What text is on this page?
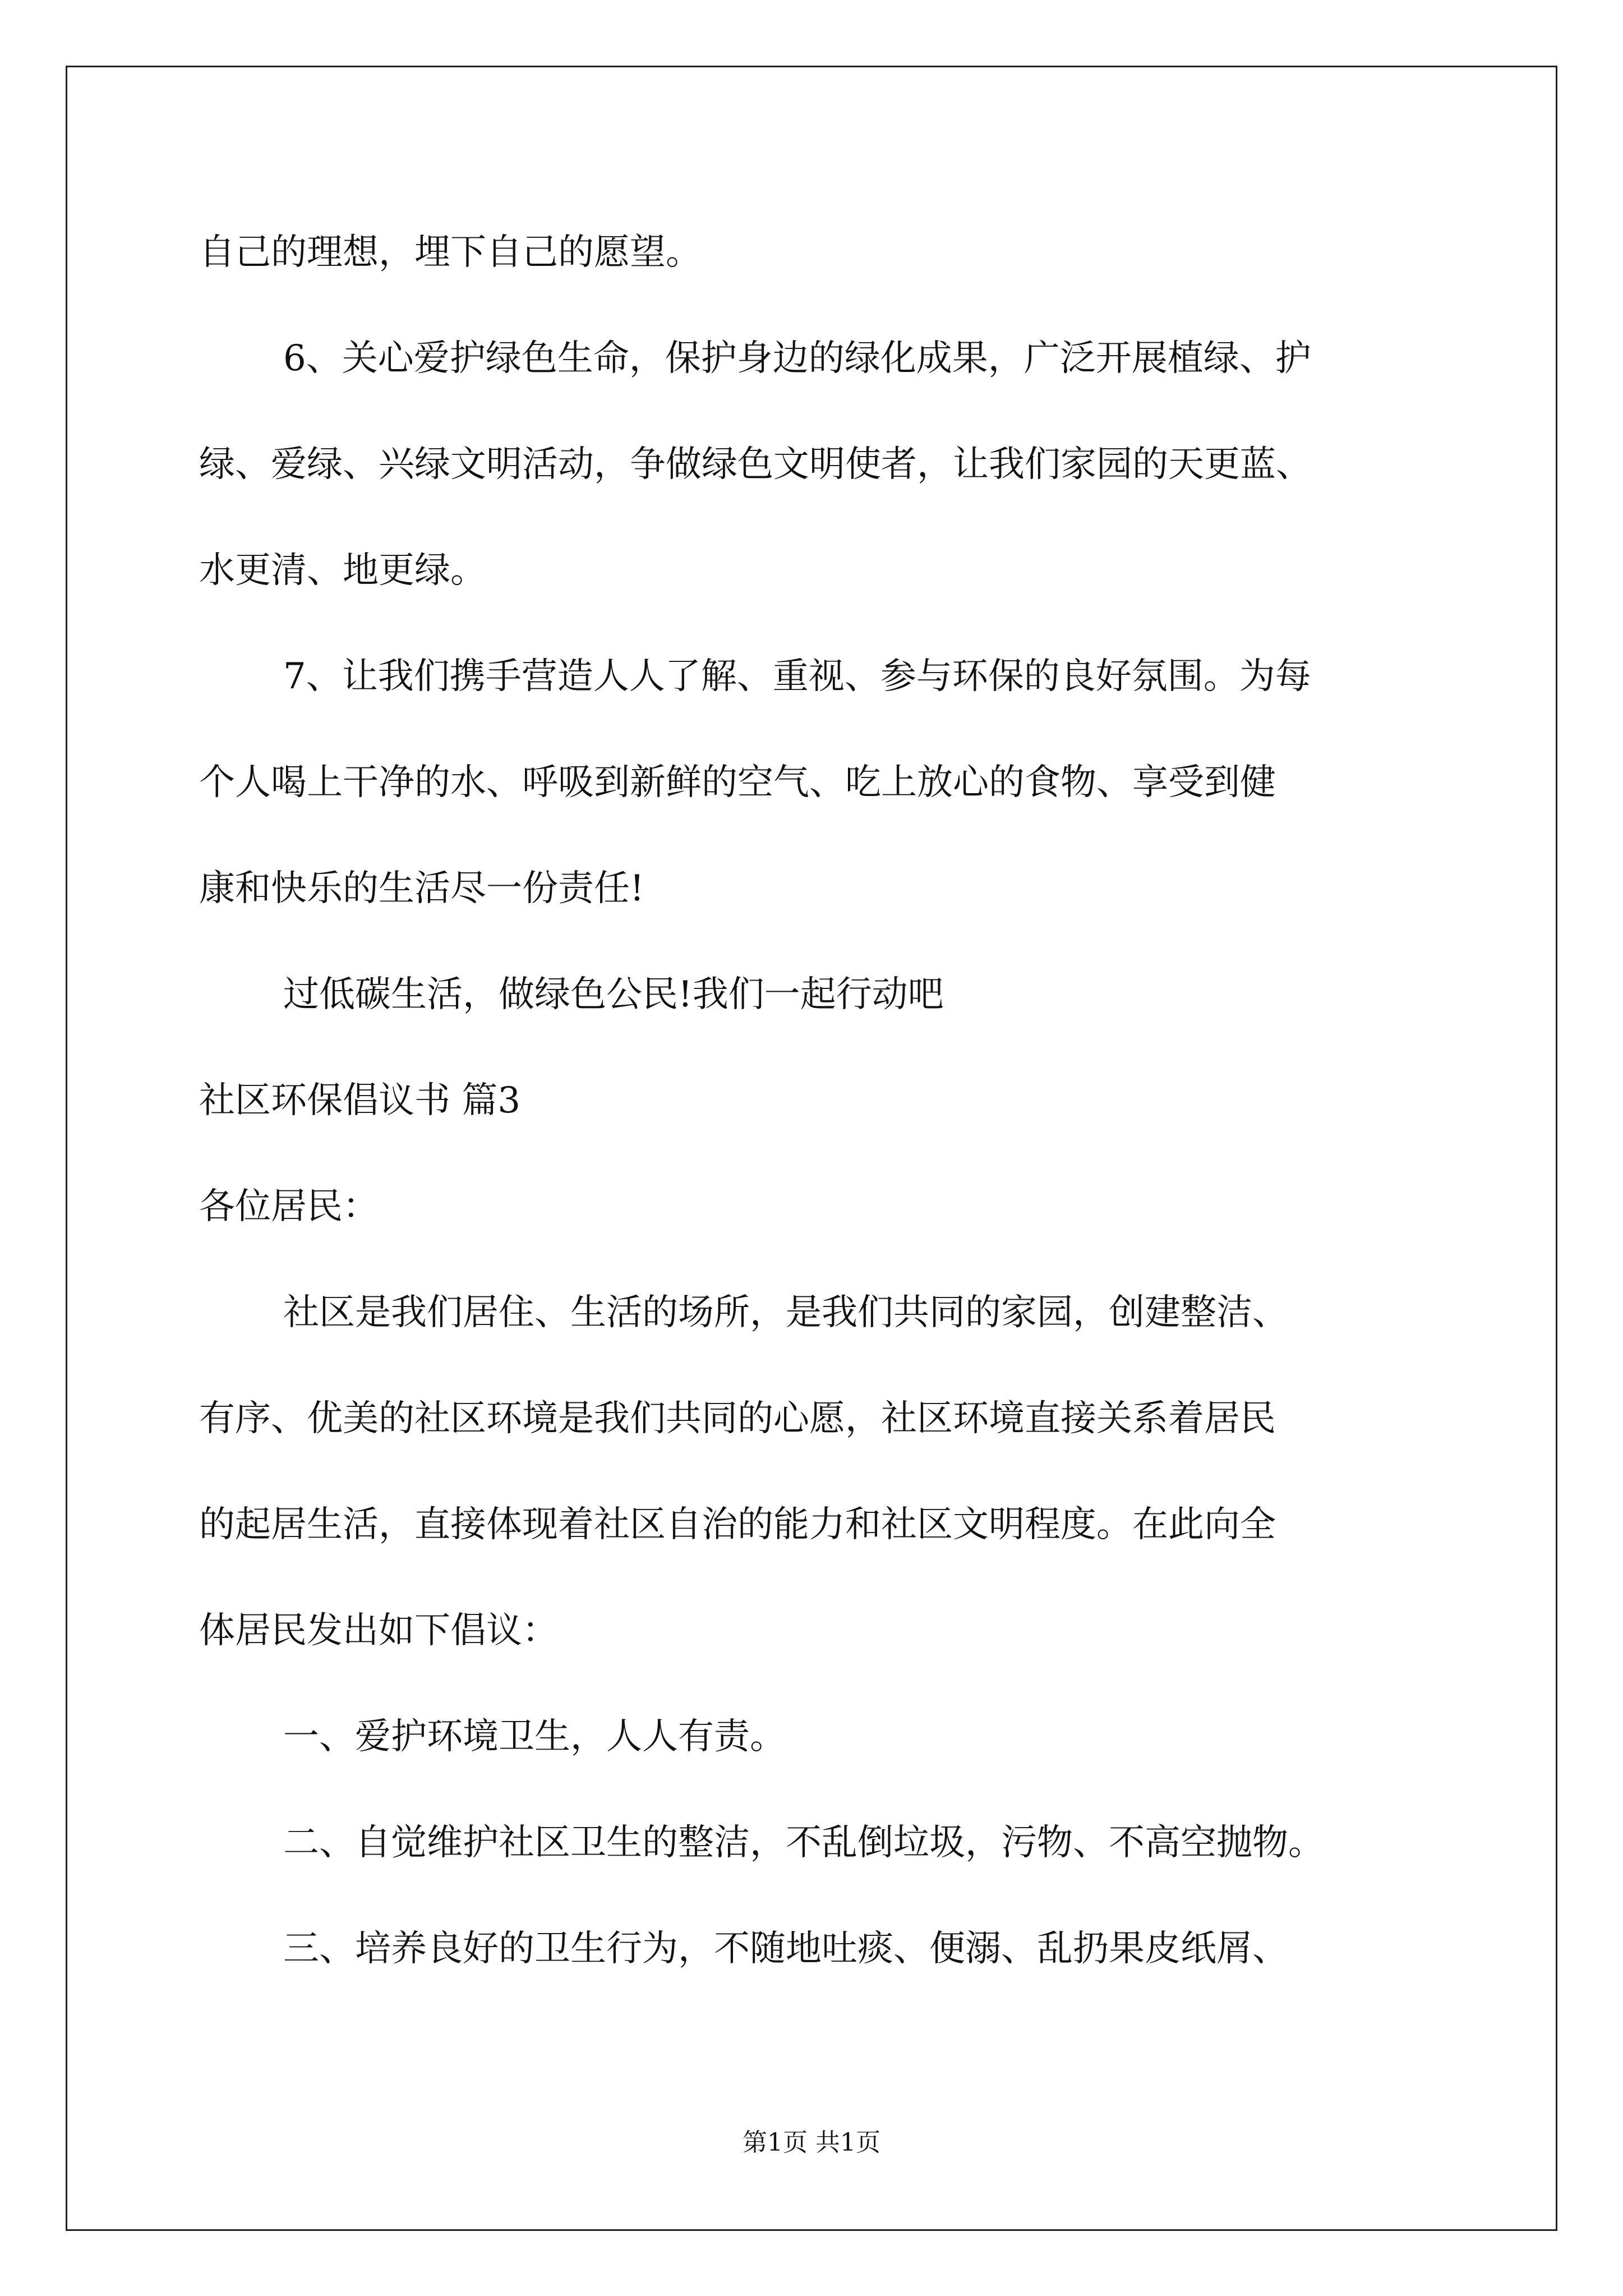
自己的理想，埋下自己的愿望。
6、关心爱护绿色生命，保护身边的绿化成果，广泛开展植绿、护
绿、爱绿、兴绿文明活动，争做绿色文明使者，让我们家园的天更蓝、
水更清、地更绿。
7、让我们携手营造人人了解、重视、参与环保的良好氛围。为每
个人喝上干净的水、呼吸到新鲜的空气、吃上放心的食物、享受到健
康和快乐的生活尽一份责任!
过低碳生活，做绿色公民!我们一起行动吧
社区环保倡议书 篇3
各位居民：
社区是我们居住、生活的场所，是我们共同的家园，创建整洁、
有序、优美的社区环境是我们共同的心愿，社区环境直接关系着居民
的起居生活，直接体现着社区自治的能力和社区文明程度。在此向全
体居民发出如下倡议：
一、爱护环境卫生，人人有责。
二、自觉维护社区卫生的整洁，不乱倒垃圾，污物、不高空抛物。
三、培养良好的卫生行为，不随地吐痰、便溺、乱扔果皮纸屑、
第1页 共1页
